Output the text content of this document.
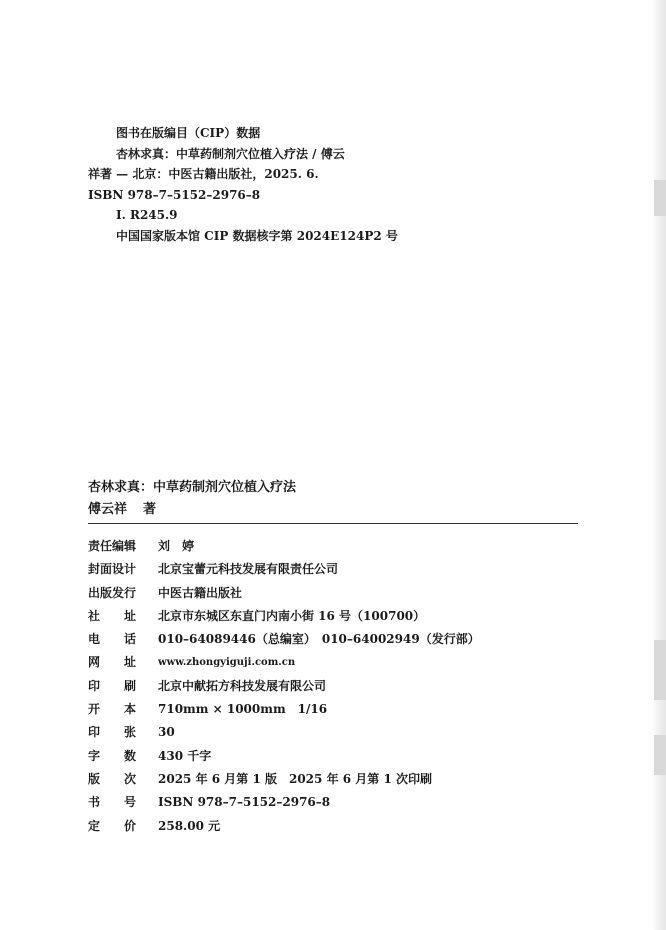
图书在版编目（CIP）数据
杏林求真：中草药制剂穴位植入疗法 / 傅云
祥著 — 北京：中医古籍出版社，2025. 6.
ISBN 978–7–5152–2976–8
Ⅰ. R245.9
中国国家版本馆 CIP 数据核字第 2024E124P2 号
杏林求真：中草药制剂穴位植入疗法
傅云祥 著
责任编辑	刘　婷
封面设计	北京宝蕾元科技发展有限责任公司
出版发行	中医古籍出版社
社　　址	北京市东城区东直门内南小街 16 号（100700）
电　　话	010–64089446（总编室）　010–64002949（发行部）
网　　址	www.zhongyiguji.com.cn
印　　刷	北京中献拓方科技发展有限公司
开　　本	710mm × 1000mm　1/16
印　　张	30
字　　数	430 千字
版　　次	2025 年 6 月第 1 版　2025 年 6 月第 1 次印刷
书　　号	ISBN 978–7–5152–2976–8
定　　价	258.00 元
